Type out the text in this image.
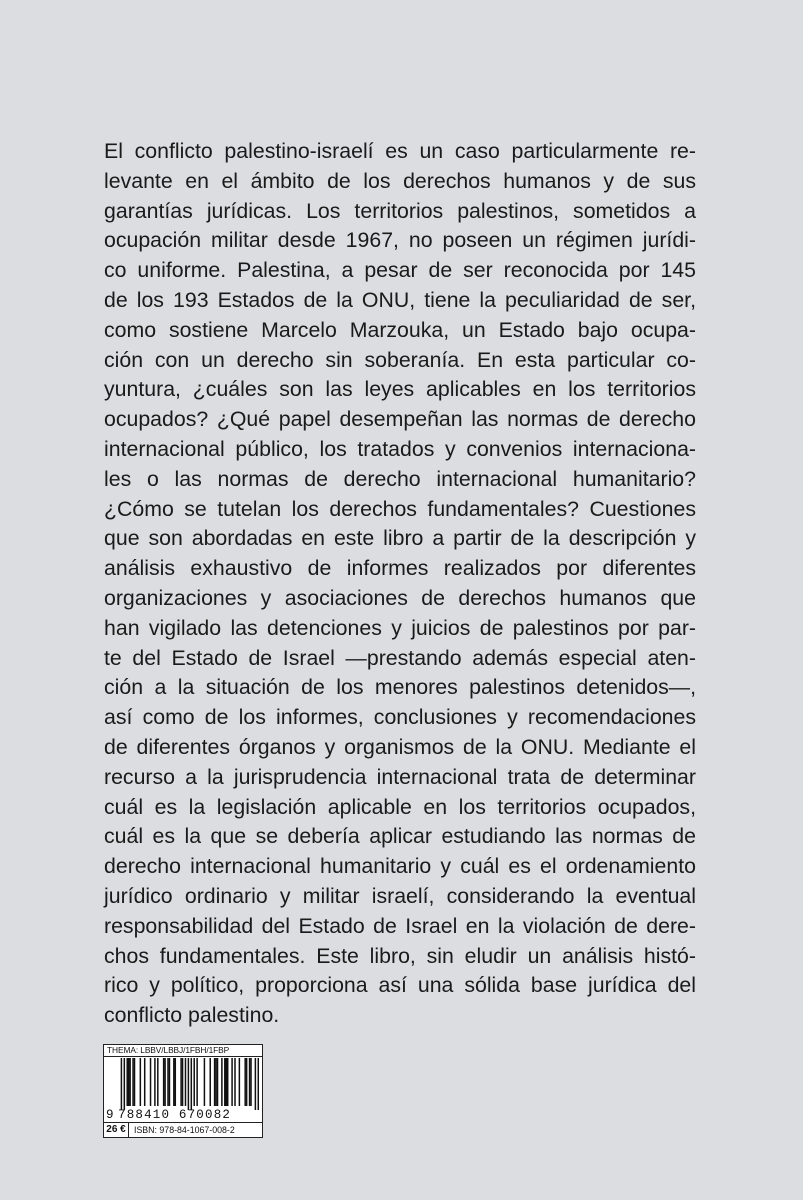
El conflicto palestino-israelí es un caso particularmente re-
levante en el ámbito de los derechos humanos y de sus
garantías jurídicas. Los territorios palestinos, sometidos a
ocupación militar desde 1967, no poseen un régimen jurídi-
co uniforme. Palestina, a pesar de ser reconocida por 145
de los 193 Estados de la ONU, tiene la peculiaridad de ser,
como sostiene Marcelo Marzouka, un Estado bajo ocupa-
ción con un derecho sin soberanía. En esta particular co-
yuntura, ¿cuáles son las leyes aplicables en los territorios
ocupados? ¿Qué papel desempeñan las normas de derecho
internacional público, los tratados y convenios internaciona-
les o las normas de derecho internacional humanitario?
¿Cómo se tutelan los derechos fundamentales? Cuestiones
que son abordadas en este libro a partir de la descripción y
análisis exhaustivo de informes realizados por diferentes
organizaciones y asociaciones de derechos humanos que
han vigilado las detenciones y juicios de palestinos por par-
te del Estado de Israel —prestando además especial aten-
ción a la situación de los menores palestinos detenidos—,
así como de los informes, conclusiones y recomendaciones
de diferentes órganos y organismos de la ONU. Mediante el
recurso a la jurisprudencia internacional trata de determinar
cuál es la legislación aplicable en los territorios ocupados,
cuál es la que se debería aplicar estudiando las normas de
derecho internacional humanitario y cuál es el ordenamiento
jurídico ordinario y militar israelí, considerando la eventual
responsabilidad del Estado de Israel en la violación de dere-
chos fundamentales. Este libro, sin eludir un análisis histó-
rico y político, proporciona así una sólida base jurídica del
conflicto palestino.
THEMA: LBBV/LBBJ/1FBH/1FBP
9 788410 670082
26 € ISBN: 978-84-1067-008-2
